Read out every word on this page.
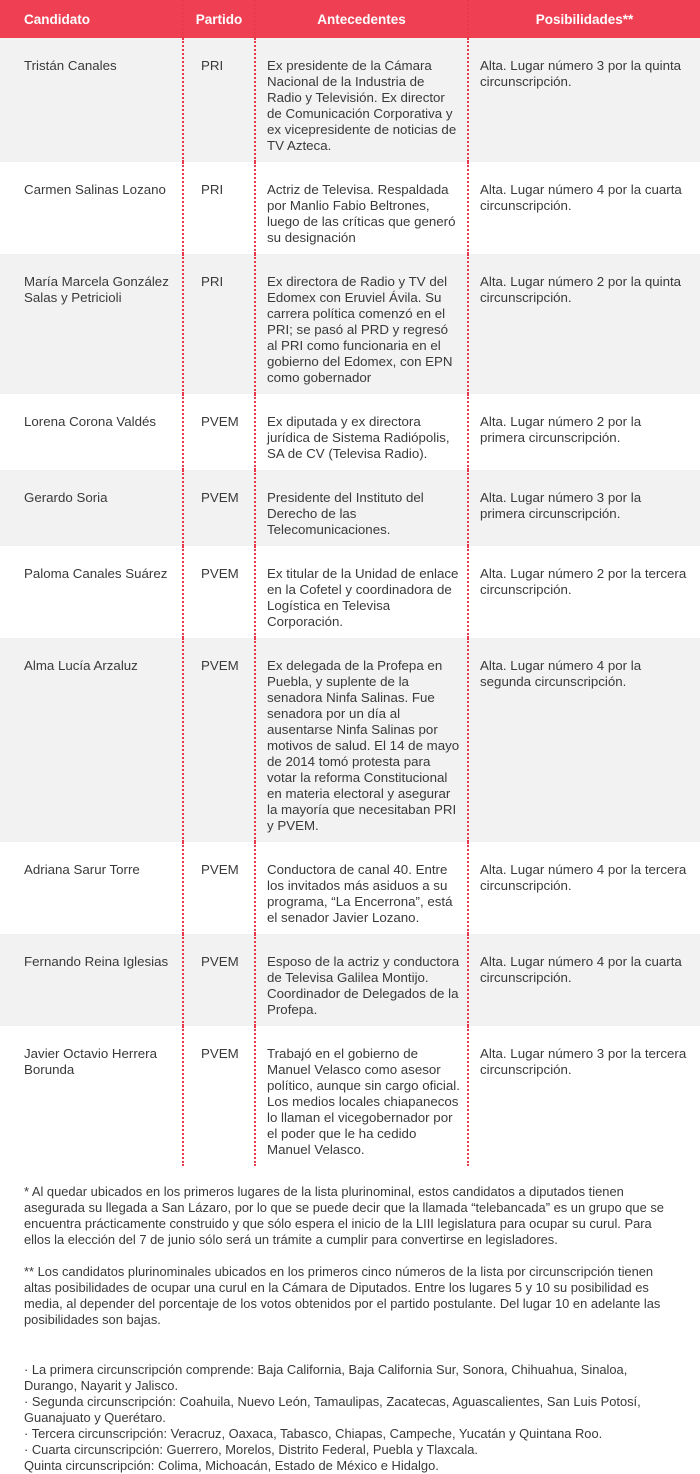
Candidato	Partido	Antecedentes	Posibilidades**
Tristán Canales	PRI	Ex presidente de la Cámara Nacional de la Industria de Radio y Televisión. Ex director de Comunicación Corporativa y ex vicepresidente de noticias de TV Azteca.	Alta. Lugar número 3 por la quinta circunscripción.
Carmen Salinas Lozano	PRI	Actriz de Televisa. Respaldada por Manlio Fabio Beltrones, luego de las críticas que generó su designación	Alta. Lugar número 4 por la cuarta circunscripción.
María Marcela González Salas y Petricioli	PRI	Ex directora de Radio y TV del Edomex con Eruviel Ávila. Su carrera política comenzó en el PRI; se pasó al PRD y regresó al PRI como funcionaria en el gobierno del Edomex, con EPN como gobernador	Alta. Lugar número 2 por la quinta circunscripción.
Lorena Corona Valdés	PVEM	Ex diputada y ex directora jurídica de Sistema Radiópolis, SA de CV (Televisa Radio).	Alta. Lugar número 2 por la primera circunscripción.
Gerardo Soria	PVEM	Presidente del Instituto del Derecho de las Telecomunicaciones.	Alta. Lugar número 3 por la primera circunscripción.
Paloma Canales Suárez	PVEM	Ex titular de la Unidad de enlace en la Cofetel y coordinadora de Logística en Televisa Corporación.	Alta. Lugar número 2 por la tercera circunscripción.
Alma Lucía Arzaluz	PVEM	Ex delegada de la Profepa en Puebla, y suplente de la senadora Ninfa Salinas. Fue senadora por un día al ausentarse Ninfa Salinas por motivos de salud. El 14 de mayo de 2014 tomó protesta para votar la reforma Constitucional en materia electoral y asegurar la mayoría que necesitaban PRI y PVEM.	Alta. Lugar número 4 por la segunda circunscripción.
Adriana Sarur Torre	PVEM	Conductora de canal 40. Entre los invitados más asiduos a su programa, “La Encerrona”, está el senador Javier Lozano.	Alta. Lugar número 4 por la tercera circunscripción.
Fernando Reina Iglesias	PVEM	Esposo de la actriz y conductora de Televisa Galilea Montijo. Coordinador de Delegados de la Profepa.	Alta. Lugar número 4 por la cuarta circunscripción.
Javier Octavio Herrera Borunda	PVEM	Trabajó en el gobierno de Manuel Velasco como asesor político, aunque sin cargo oficial. Los medios locales chiapanecos lo llaman el vicegobernador por el poder que le ha cedido Manuel Velasco.	Alta. Lugar número 3 por la tercera circunscripción.

* Al quedar ubicados en los primeros lugares de la lista plurinominal, estos candidatos a diputados tienen asegurada su llegada a San Lázaro, por lo que se puede decir que la llamada “telebancada” es un grupo que se encuentra prácticamente construido y que sólo espera el inicio de la LIII legislatura para ocupar su curul. Para ellos la elección del 7 de junio sólo será un trámite a cumplir para convertirse en legisladores.

** Los candidatos plurinominales ubicados en los primeros cinco números de la lista por circunscripción tienen altas posibilidades de ocupar una curul en la Cámara de Diputados. Entre los lugares 5 y 10 su posibilidad es media, al depender del porcentaje de los votos obtenidos por el partido postulante. Del lugar 10 en adelante las posibilidades son bajas.

· La primera circunscripción comprende: Baja California, Baja California Sur, Sonora, Chihuahua, Sinaloa, Durango, Nayarit y Jalisco.
· Segunda circunscripción: Coahuila, Nuevo León, Tamaulipas, Zacatecas, Aguascalientes, San Luis Potosí, Guanajuato y Querétaro.
· Tercera circunscripción: Veracruz, Oaxaca, Tabasco, Chiapas, Campeche, Yucatán y Quintana Roo.
· Cuarta circunscripción: Guerrero, Morelos, Distrito Federal, Puebla y Tlaxcala.
Quinta circunscripción: Colima, Michoacán, Estado de México e Hidalgo.
